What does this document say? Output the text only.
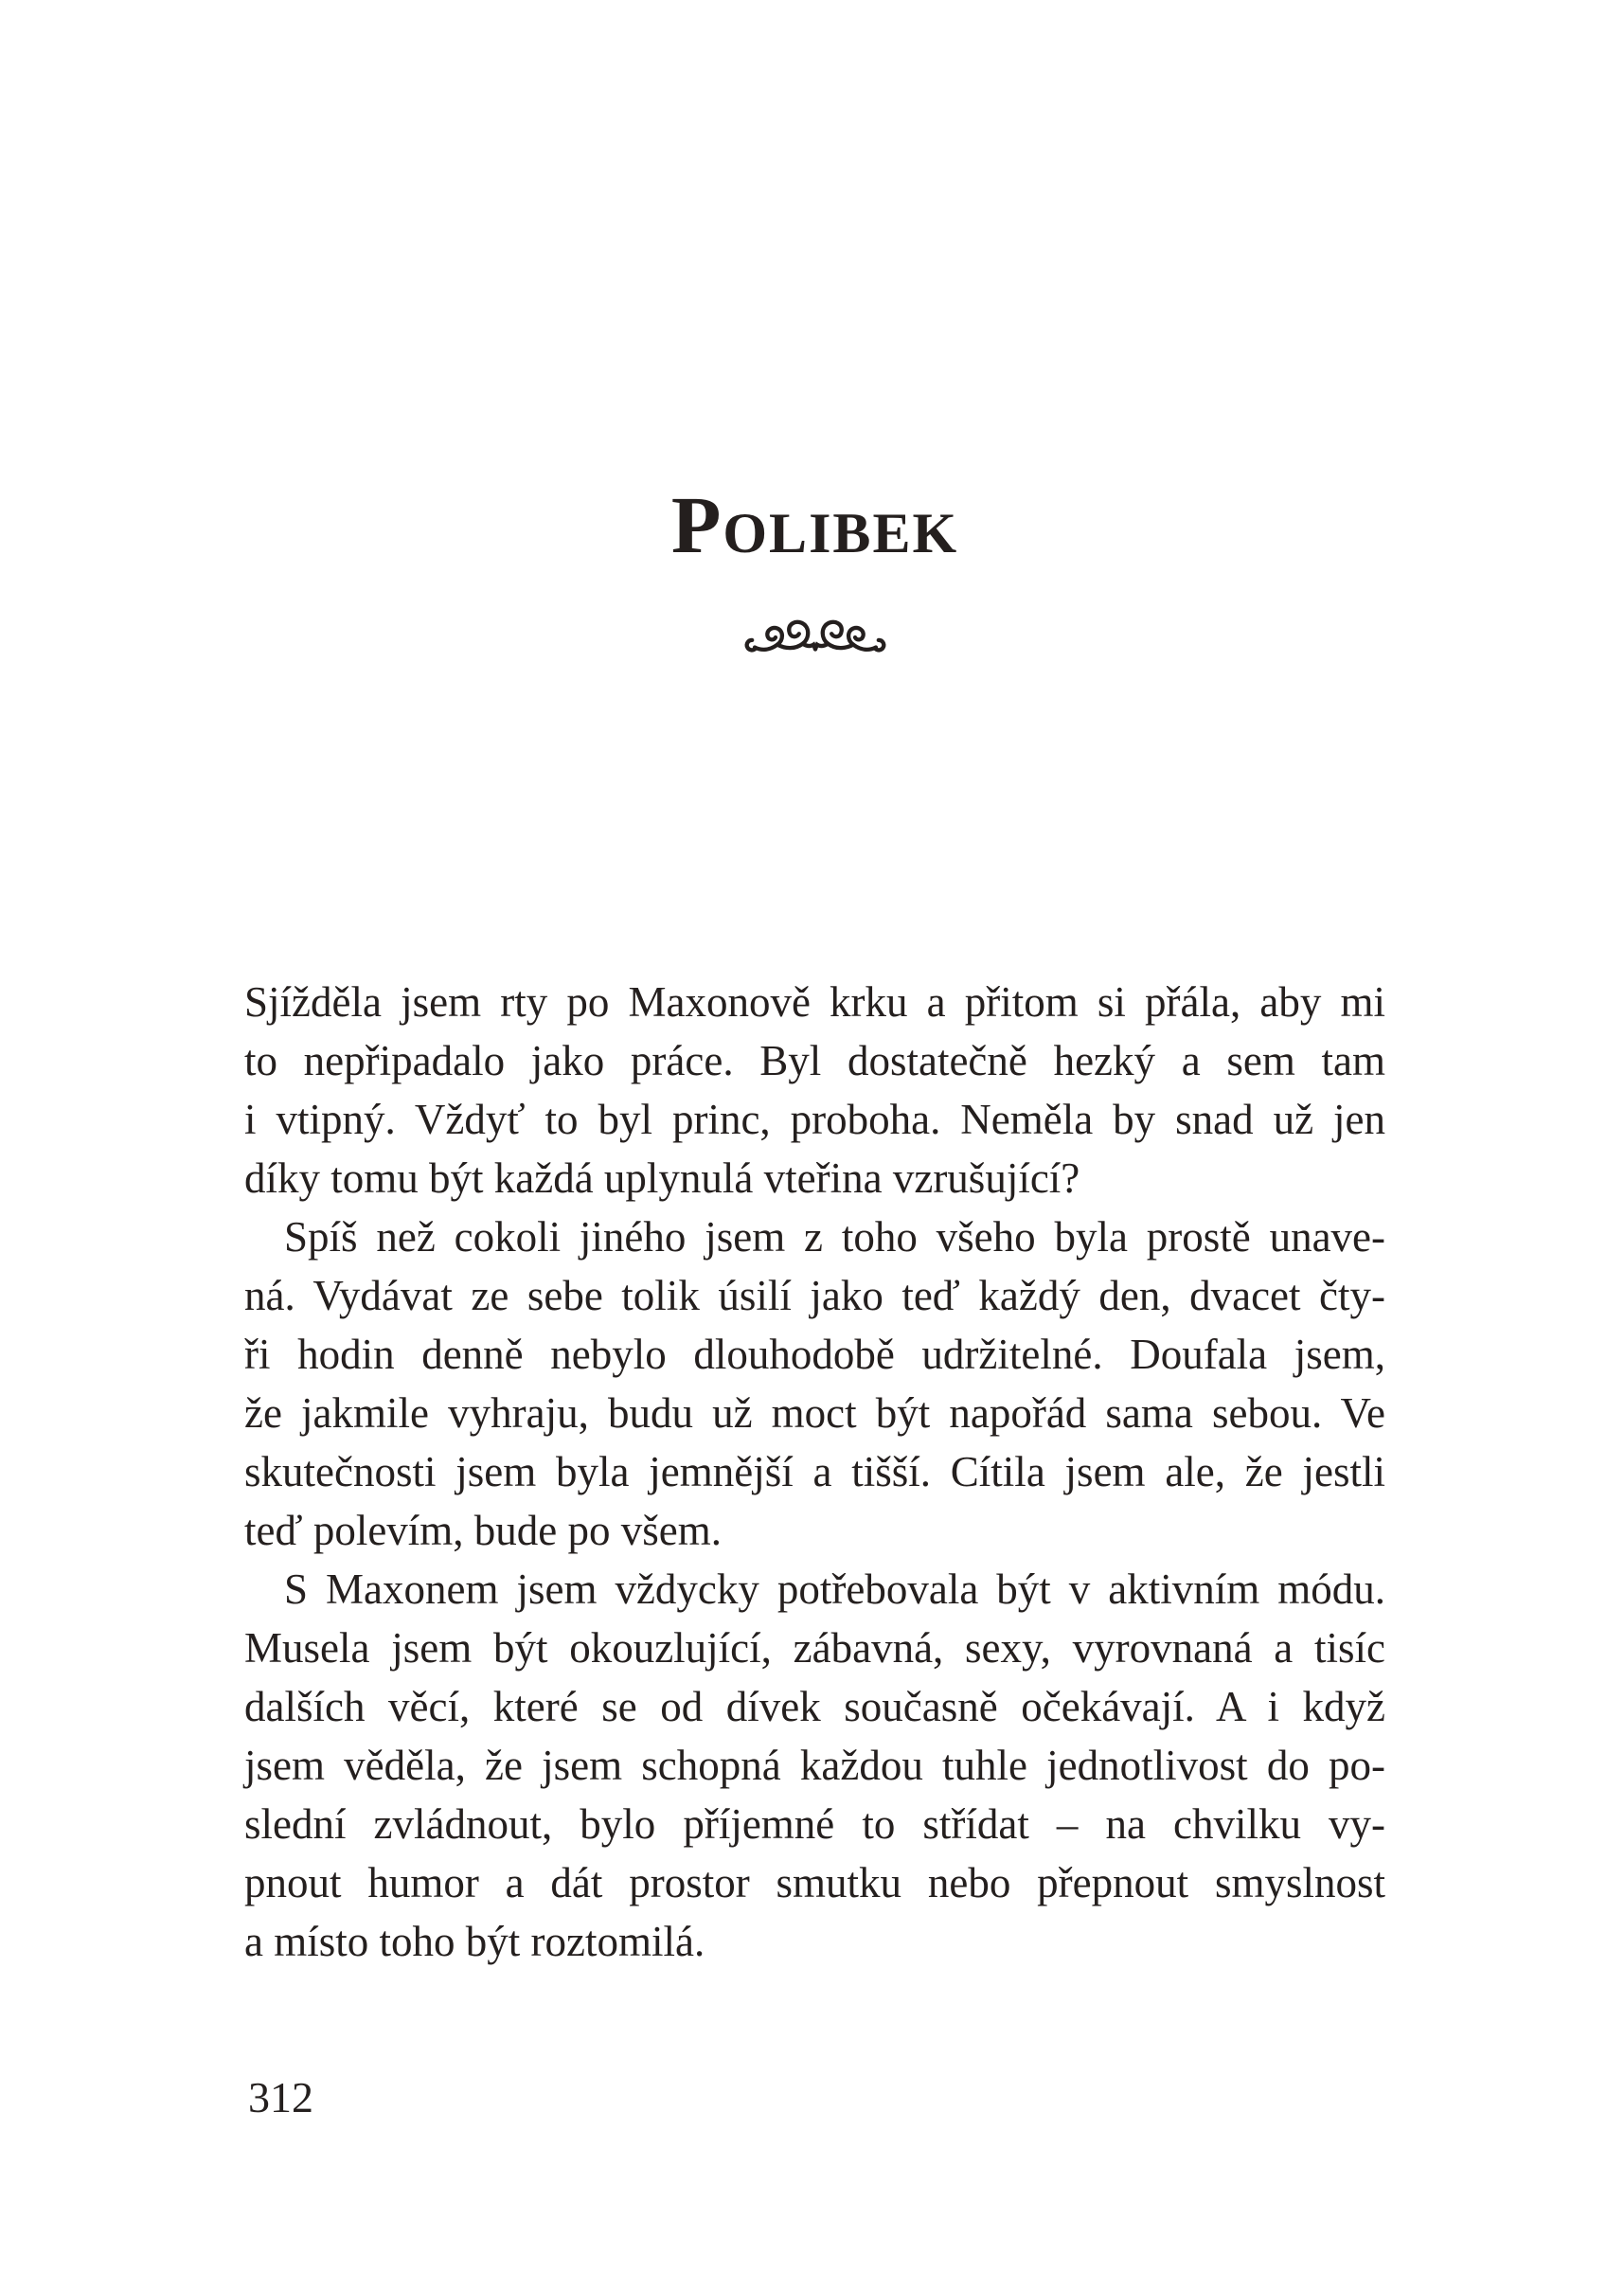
Polibek
Sjížděla jsem rty po Maxonově krku a přitom si přála, aby mi
to nepřipadalo jako práce. Byl dostatečně hezký a sem tam
i vtipný. Vždyť to byl princ, proboha. Neměla by snad už jen
díky tomu být každá uplynulá vteřina vzrušující?
Spíš než cokoli jiného jsem z toho všeho byla prostě unave-
ná. Vydávat ze sebe tolik úsilí jako teď každý den, dvacet čty-
ři hodin denně nebylo dlouhodobě udržitelné. Doufala jsem,
že jakmile vyhraju, budu už moct být napořád sama sebou. Ve
skutečnosti jsem byla jemnější a tišší. Cítila jsem ale, že jestli
teď polevím, bude po všem.
S Maxonem jsem vždycky potřebovala být v aktivním módu.
Musela jsem být okouzlující, zábavná, sexy, vyrovnaná a tisíc
dalších věcí, které se od dívek současně očekávají. A i když
jsem věděla, že jsem schopná každou tuhle jednotlivost do po-
slední zvládnout, bylo příjemné to střídat – na chvilku vy-
pnout humor a dát prostor smutku nebo přepnout smyslnost
a místo toho být roztomilá.
312
